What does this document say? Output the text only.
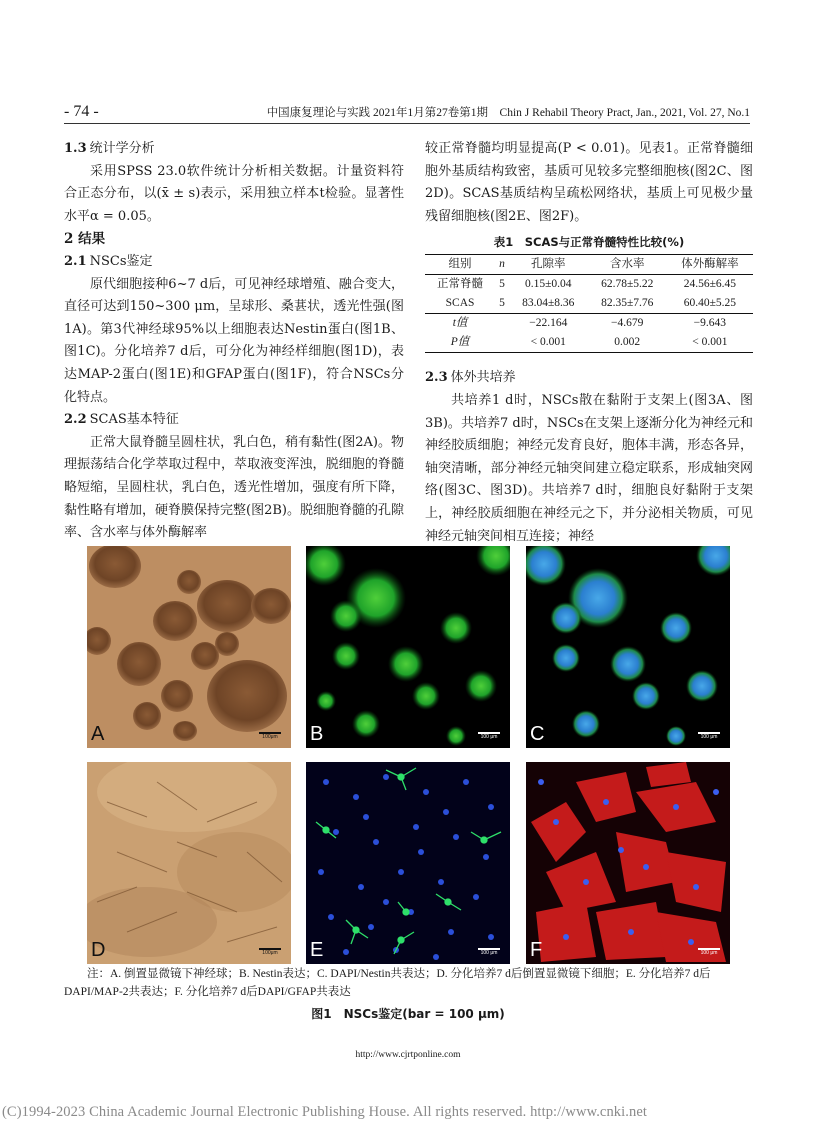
- 74 -	中国康复理论与实践 2021年1月第27卷第1期　Chin J Rehabil Theory Pract, Jan., 2021, Vol. 27, No.1
1.3 统计学分析

采用SPSS 23.0软件统计分析相关数据。计量资料符合正态分布，以(x̄ ± s)表示，采用独立样本t检验。显著性水平α = 0.05。

2 结果
2.1 NSCs鉴定

原代细胞接种6~7 d后，可见神经球增殖、融合变大，直径可达到150~300 μm，呈球形、桑葚状，透光性强(图1A)。第3代神经球95%以上细胞表达Nestin蛋白(图1B、图1C)。分化培养7 d后，可分化为神经样细胞(图1D)，表达MAP-2蛋白(图1E)和GFAP蛋白(图1F)，符合NSCs分化特点。

2.2 SCAS基本特征

正常大鼠脊髓呈圆柱状，乳白色，稍有黏性(图2A)。物理振荡结合化学萃取过程中，萃取液变浑浊，脱细胞的脊髓略短缩，呈圆柱状，乳白色，透光性增加，强度有所下降，黏性略有增加，硬脊膜保持完整(图2B)。脱细胞脊髓的孔隙率、含水率与体外酶解率

较正常脊髓均明显提高(P < 0.01)。见表1。正常脊髓细胞外基质结构致密，基质可见较多完整细胞核(图2C、图2D)。SCAS基质结构呈疏松网络状，基质上可见极少量残留细胞核(图2E、图2F)。

表1　SCAS与正常脊髓特性比较(%)
组别	n	孔隙率	含水率	体外酶解率
正常脊髓	5	0.15±0.04	62.78±5.22	24.56±6.45
SCAS	5	83.04±8.36	82.35±7.76	60.40±5.25
t值		−22.164	−4.679	−9.643
P值		< 0.001	0.002	< 0.001
2.3 体外共培养

共培养1 d时，NSCs散在黏附于支架上(图3A、图3B)。共培养7 d时，NSCs在支架上逐渐分化为神经元和神经胶质细胞；神经元发育良好，胞体丰满，形态各异，轴突清晰，部分神经元轴突间建立稳定联系，形成轴突网络(图3C、图3D)。共培养7 d时，细胞良好黏附于支架上，神经胶质细胞在神经元之下，并分泌相关物质，可见神经元轴突间相互连接；神经

A	100μm B	100 μm C	100 μm
D	100μm E	100 μm F	100 μm
注：A. 倒置显微镜下神经球；B. Nestin表达；C. DAPI/Nestin共表达；D. 分化培养7 d后倒置显微镜下细胞；E. 分化培养7 d后DAPI/MAP-2共表达；F. 分化培养7 d后DAPI/GFAP共表达
图1　NSCs鉴定(bar = 100 μm)
http://www.cjrtponline.com
(C)1994-2023 China Academic Journal Electronic Publishing House. All rights reserved. http://www.cnki.net
